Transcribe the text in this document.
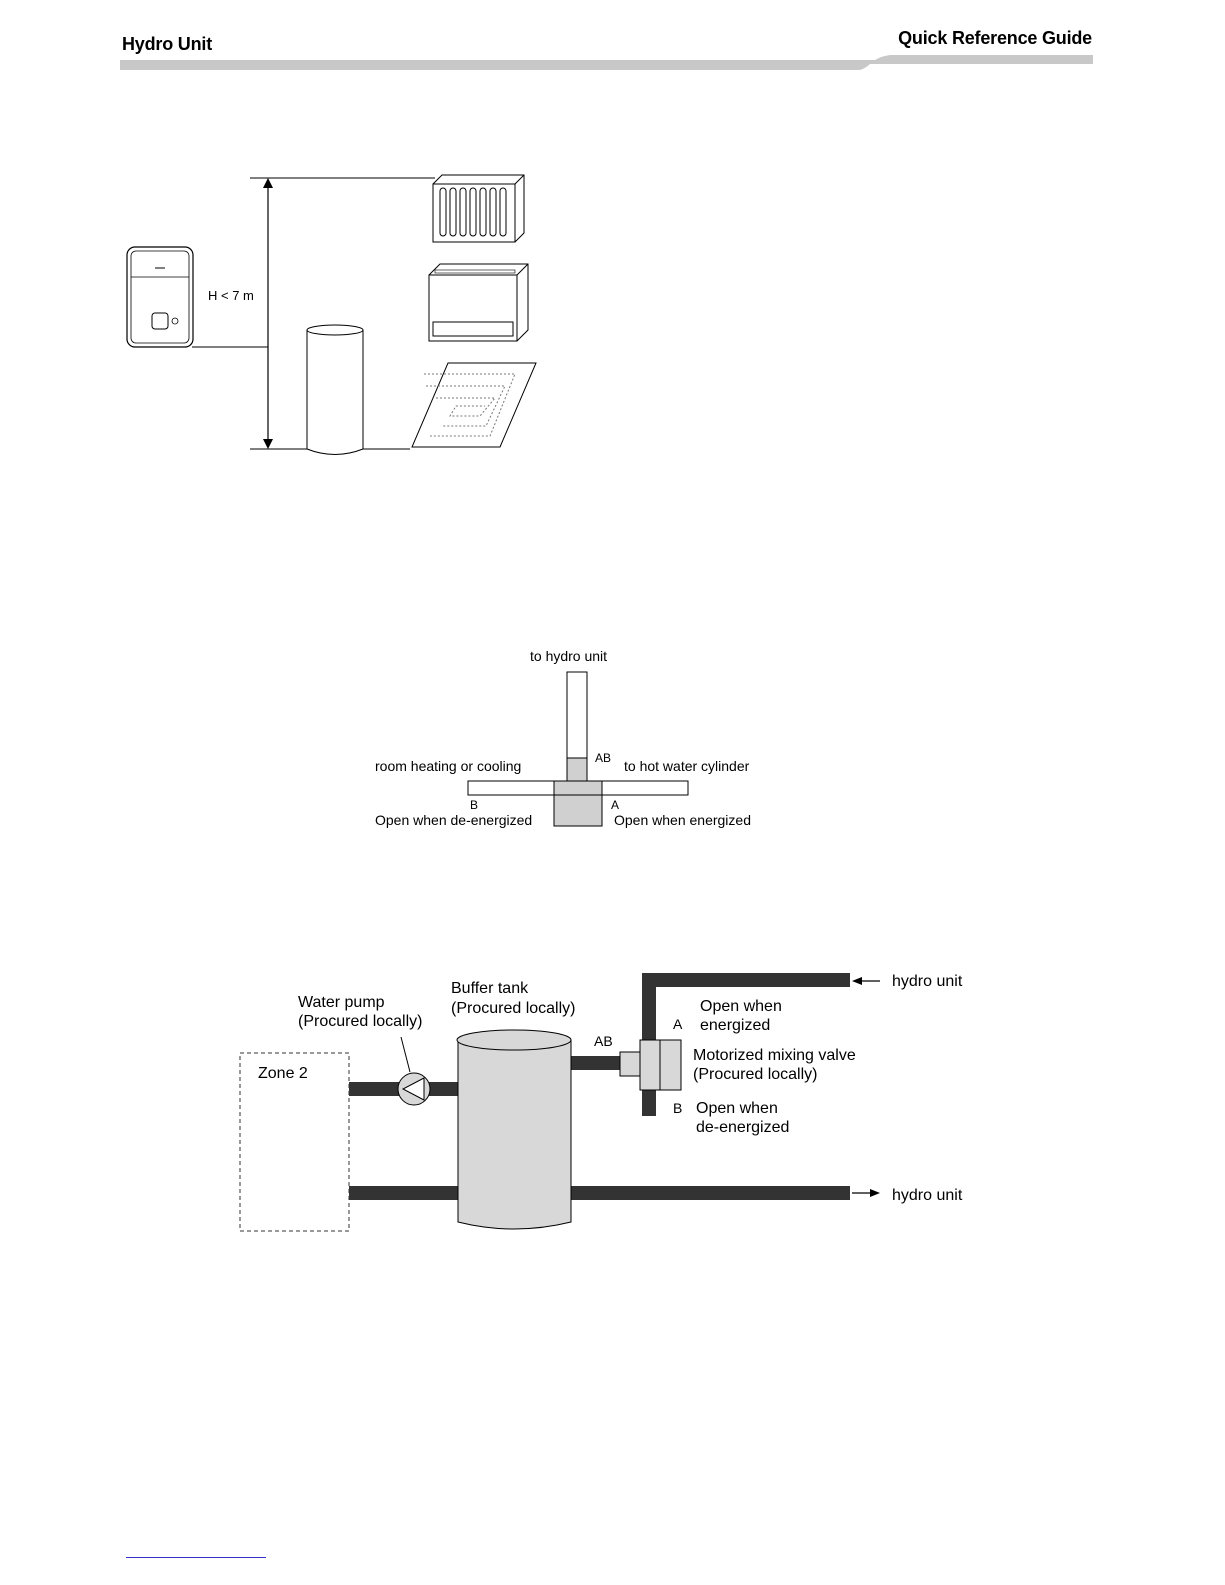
Hydro Unit	Quick Reference Guide
H < 7 m
to hydro unit
AB
room heating or cooling	to hot water cylinder
B	A
Open when de-energized	Open when energized
Zone 2
Water pump
(Procured locally)
Buffer tank
(Procured locally)
AB
A
B
Open when
energized
Motorized mixing valve
(Procured locally)
Open when
de-energized
hydro unit
hydro unit
